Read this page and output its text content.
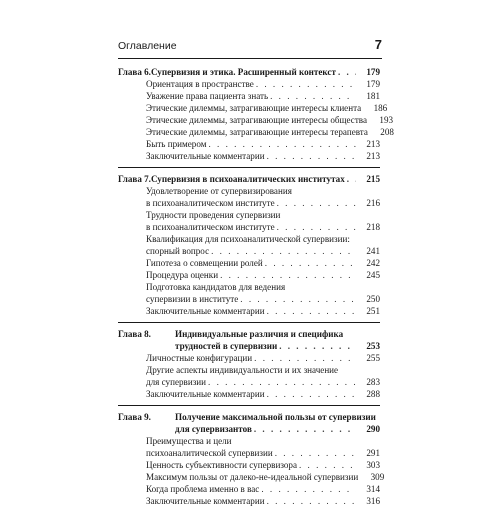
Оглавление	7
Глава 6. Супервизия и этика. Расширенный контекст . . .	179
Ориентация в пространстве . . .	179
Уважение права пациента знать . . .	181
Этические дилеммы, затрагивающие интересы клиента	186
Этические дилеммы, затрагивающие интересы общества	193
Этические дилеммы, затрагивающие интересы терапевта	208
Быть примером . . .	213
Заключительные комментарии . . .	213
Глава 7. Супервизия в психоаналитических институтах . . .	215
Удовлетворение от супервизирования
в психоаналитическом институте . . .	216
Трудности проведения супервизии
в психоаналитическом институте . . .	218
Квалификация для психоаналитической супервизии:
спорный вопрос . . .	241
Гипотеза о совмещении ролей . . .	242
Процедура оценки . . .	245
Подготовка кандидатов для ведения
супервизии в институте . . .	250
Заключительные комментарии . . .	251
Глава 8.	Индивидуальные различия и специфика
трудностей в супервизии . . .	253
Личностные конфигурации . . .	255
Другие аспекты индивидуальности и их значение
для супервизии . . .	283
Заключительные комментарии . . .	288
Глава 9.	Получение максимальной пользы от супервизии
для супервизантов . . .	290
Преимущества и цели
психоаналитической супервизии . . .	291
Ценность субъективности супервизора . . .	303
Максимум пользы от далеко-не-идеальной супервизии	309
Когда проблема именно в вас . . .	314
Заключительные комментарии . . .	316
